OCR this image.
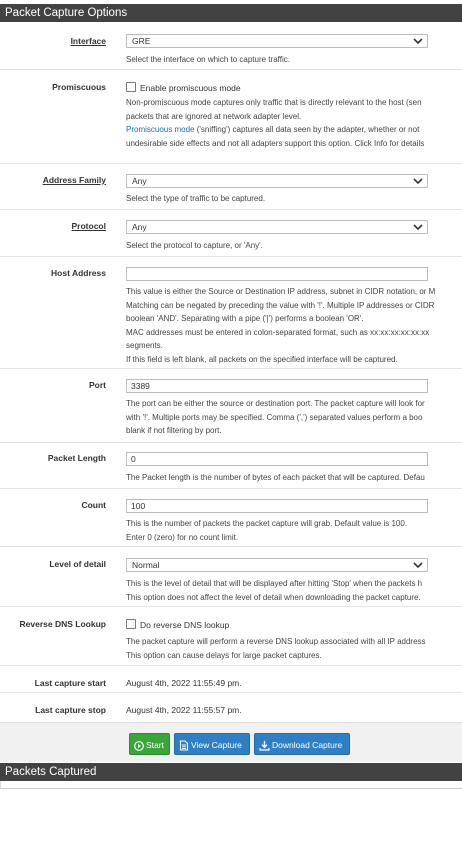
Packet Capture Options
Interface	GRE
Select the interface on which to capture traffic.
Promiscuous	Enable promiscuous mode
Non-promiscuous mode captures only traffic that is directly relevant to the host (sen
packets that are ignored at network adapter level.
Promiscuous mode ('sniffing') captures all data seen by the adapter, whether or not
undesirable side effects and not all adapters support this option. Click Info for details
Address Family	Any
Select the type of traffic to be captured.
Protocol	Any
Select the protocol to capture, or 'Any'.
Host Address
This value is either the Source or Destination IP address, subnet in CIDR notation, or M
Matching can be negated by preceding the value with '!'. Multiple IP addresses or CIDR
boolean 'AND'. Separating with a pipe ('|') performs a boolean 'OR'.
MAC addresses must be entered in colon-separated format, such as xx:xx:xx:xx:xx:xx
segments.
If this field is left blank, all packets on the specified interface will be captured.
Port	3389
The port can be either the source or destination port. The packet capture will look for
with '!'. Multiple ports may be specified. Comma (',') separated values perform a boo
blank if not filtering by port.
Packet Length	0
The Packet length is the number of bytes of each packet that will be captured. Defau
Count	100
This is the number of packets the packet capture will grab. Default value is 100.
Enter 0 (zero) for no count limit.
Level of detail	Normal
This is the level of detail that will be displayed after hitting 'Stop' when the packets h
This option does not affect the level of detail when downloading the packet capture.
Reverse DNS Lookup	Do reverse DNS lookup
The packet capture will perform a reverse DNS lookup associated with all IP address
This option can cause delays for large packet captures.
Last capture start August 4th, 2022 11:55:49 pm.
Last capture stop August 4th, 2022 11:55:57 pm.
Start	View Capture	Download Capture
Packets Captured
